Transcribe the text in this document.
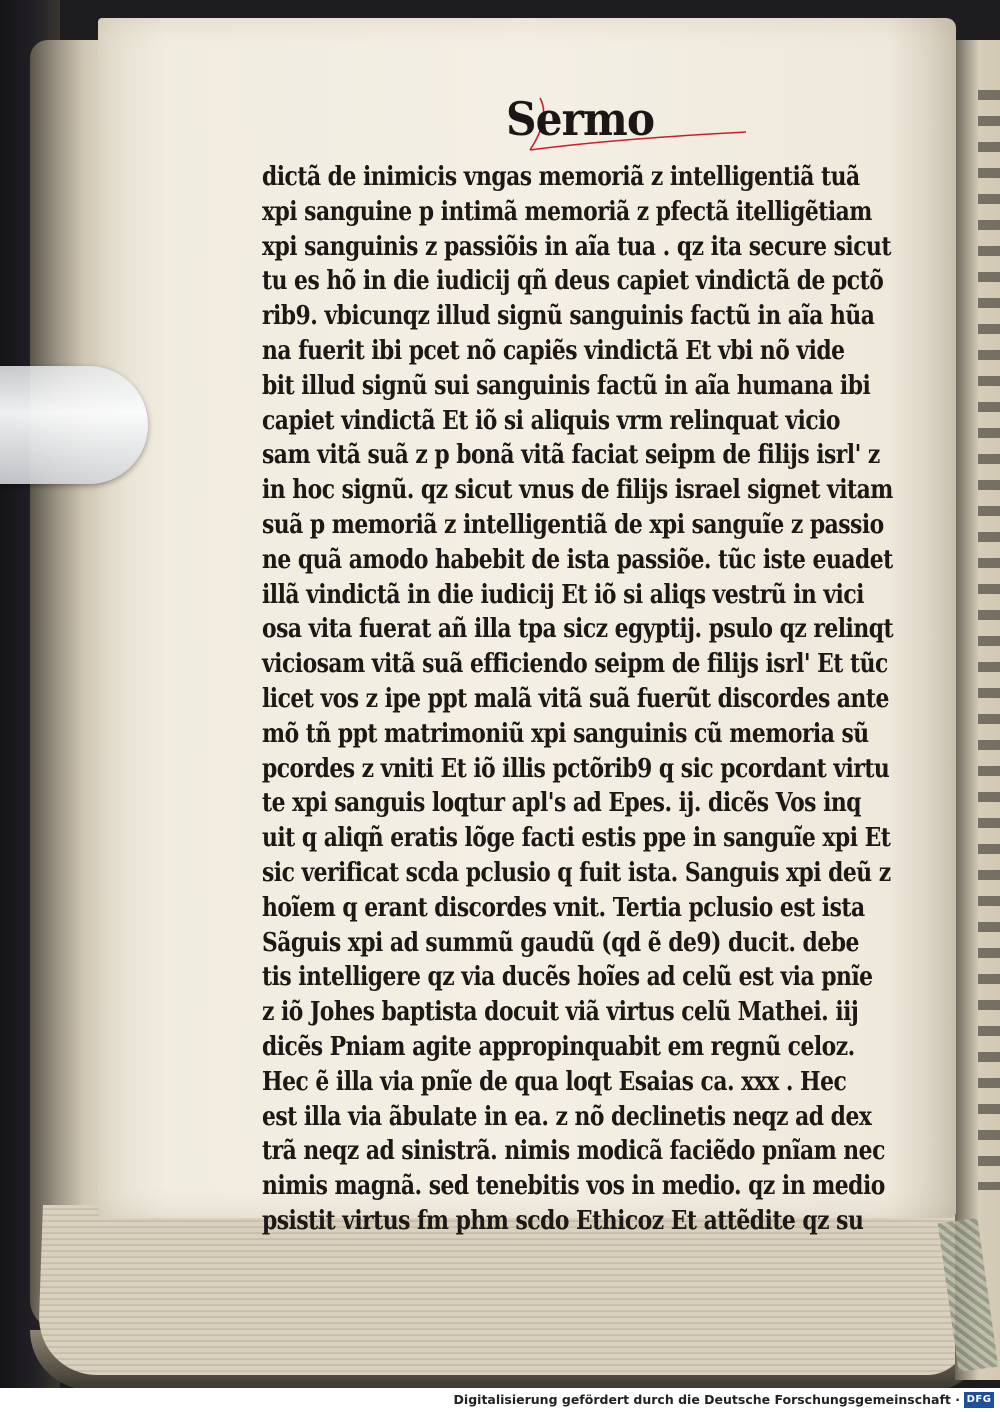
Sermo
dictã de inimicis vngas memoriã z intelligentiã tuã
xpi sanguine p intimã memoriã z pfectã itelligẽtiam
xpi sanguinis z passiõis in aĩa tua . qz ita secure sicut
tu es hõ in die iudicij qñ deus capiet vindictã de pctõ
rib9. vbicunqz illud signũ sanguinis factũ in aĩa hũa
na fuerit ibi pcet nõ capiẽs vindictã Et vbi nõ vide
bit illud signũ sui sanguinis factũ in aĩa humana ibi
capiet vindictã Et iõ si aliquis vrm relinquat vicio
sam vitã suã z p bonã vitã faciat seipm de filijs isrl' z
in hoc signũ. qz sicut vnus de filijs israel signet vitam
suã p memoriã z intelligentiã de xpi sanguĩe z passio
ne quã amodo habebit de ista passiõe. tũc iste euadet
illã vindictã in die iudicij Et iõ si aliqs vestrũ in vici
osa vita fuerat añ illa tpa sicz egyptij. psulo qz relinqt
viciosam vitã suã efficiendo seipm de filijs isrl' Et tũc
licet vos z ipe ppt malã vitã suã fuerũt discordes ante
mõ tñ ppt matrimoniũ xpi sanguinis cũ memoria sũ
pcordes z vniti Et iõ illis pctõrib9 q sic pcordant virtu
te xpi sanguis loqtur apl's ad Epes. ij. dicẽs Vos inq
uit q aliqñ eratis lõge facti estis ppe in sanguĩe xpi Et
sic verificat scda pclusio q fuit ista. Sanguis xpi deũ z
hoĩem q erant discordes vnit. Tertia pclusio est ista
Sãguis xpi ad summũ gaudũ (qd ẽ de9) ducit. debe
tis intelligere qz via ducẽs hoĩes ad celũ est via pnĩe
z iõ Johes baptista docuit viã virtus celũ Mathei. iij
dicẽs Pniam agite appropinquabit em regnũ celoz.
Hec ẽ illa via pnĩe de qua loqt Esaias ca. xxx . Hec
est illa via ãbulate in ea. z nõ declinetis neqz ad dex
trã neqz ad sinistrã. nimis modicã faciẽdo pnĩam nec
nimis magnã. sed tenebitis vos in medio. qz in medio
psistit virtus fm phm scdo Ethicoz Et attẽdite qz su
Digitalisierung gefördert durch die Deutsche Forschungsgemeinschaft · DFG
